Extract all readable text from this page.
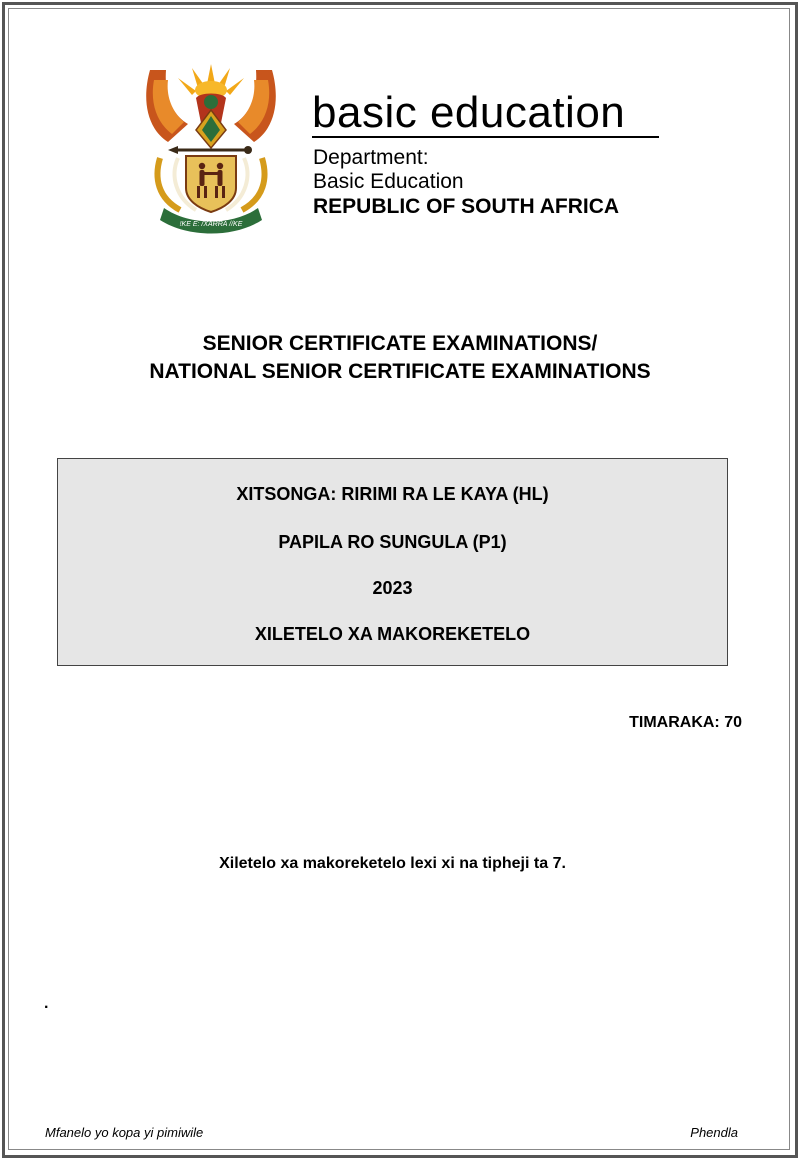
!KE E: /XARRA //KE
basic education
Department:
Basic Education
REPUBLIC OF SOUTH AFRICA
SENIOR CERTIFICATE EXAMINATIONS/
NATIONAL SENIOR CERTIFICATE EXAMINATIONS
XITSONGA: RIRIMI RA LE KAYA (HL)
PAPILA RO SUNGULA (P1)
2023
XILETELO XA MAKOREKETELO
TIMARAKA: 70
Xiletelo xa makoreketelo lexi xi na tipheji ta 7.
.
Mfanelo yo kopa yi pimiwile	Phendla
